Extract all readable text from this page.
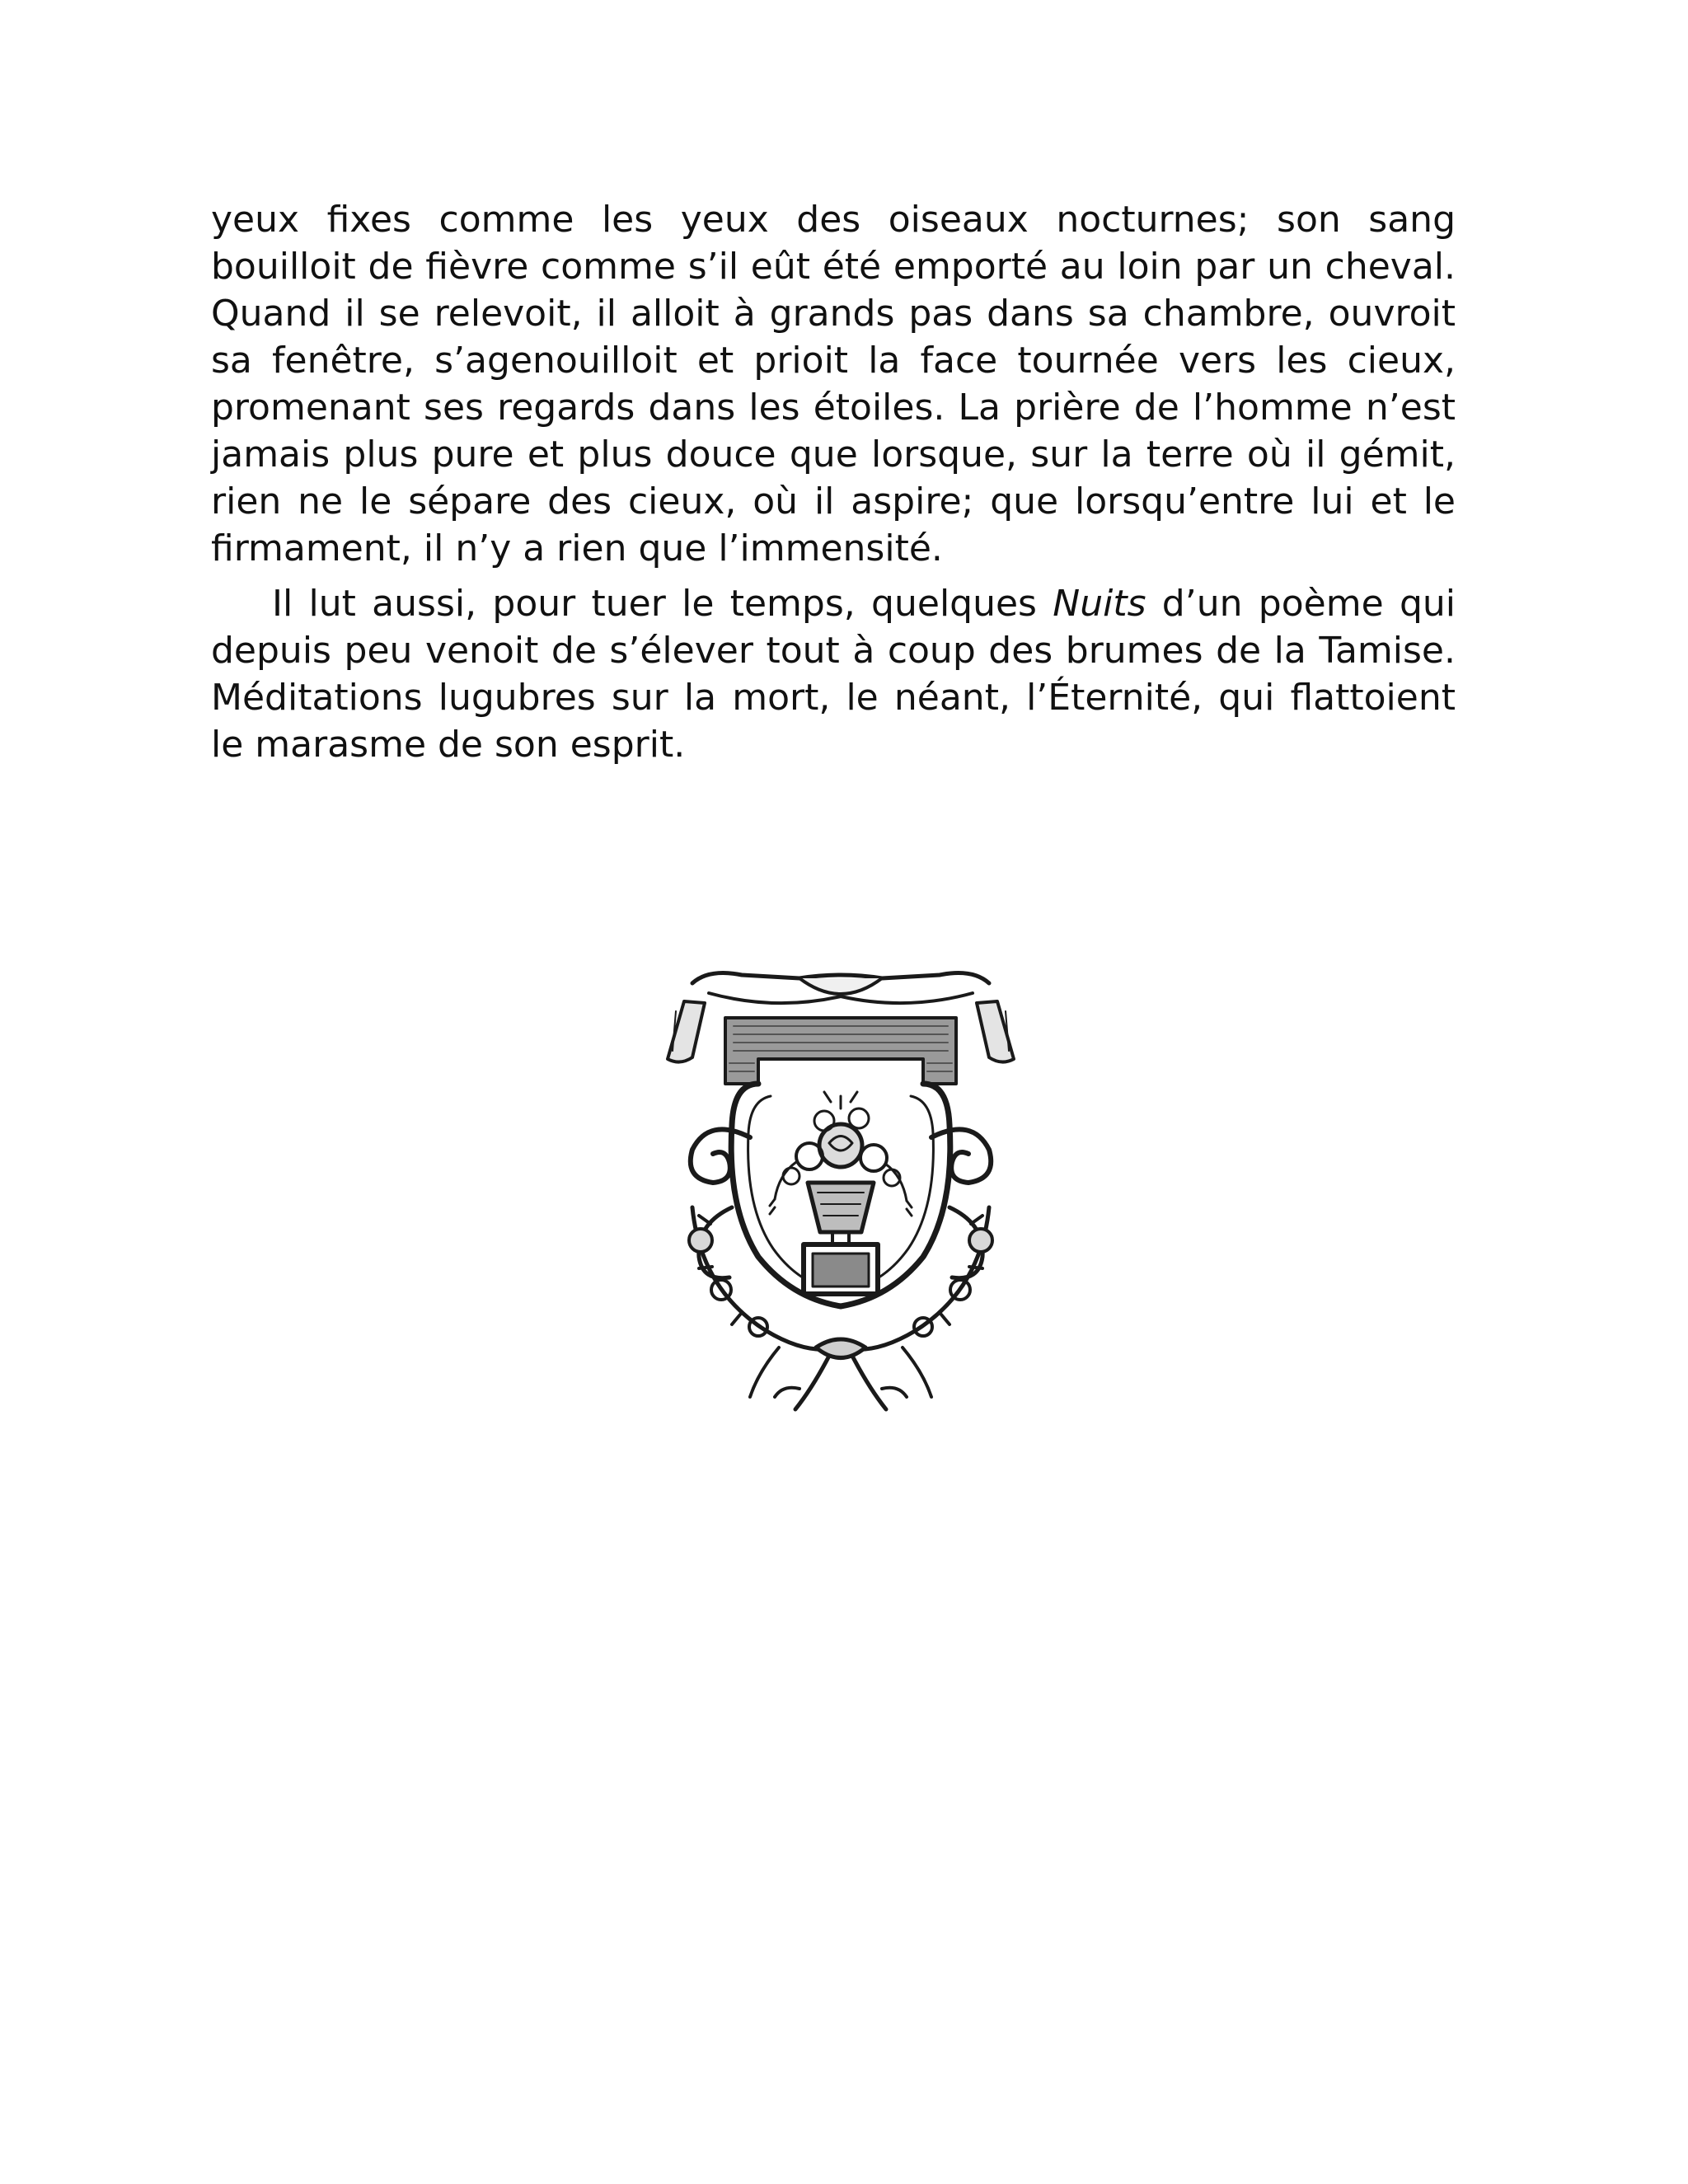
yeux fixes comme les yeux des oiseaux nocturnes; son sang bouilloit de fièvre comme s’il eût été emporté au loin par un cheval. Quand il se relevoit, il alloit à grands pas dans sa chambre, ouvroit sa fenêtre, s’agenouilloit et prioit la face tournée vers les cieux, promenant ses regards dans les étoiles. La prière de l’homme n’est jamais plus pure et plus douce que lorsque, sur la terre où il gémit, rien ne le sépare des cieux, où il aspire; que lorsqu’entre lui et le firmament, il n’y a rien que l’immensité.

Il lut aussi, pour tuer le temps, quelques Nuits d’un poème qui depuis peu venoit de s’élever tout à coup des brumes de la Tamise. Méditations lugubres sur la mort, le néant, l’Éternité, qui flattoient le marasme de son esprit.
